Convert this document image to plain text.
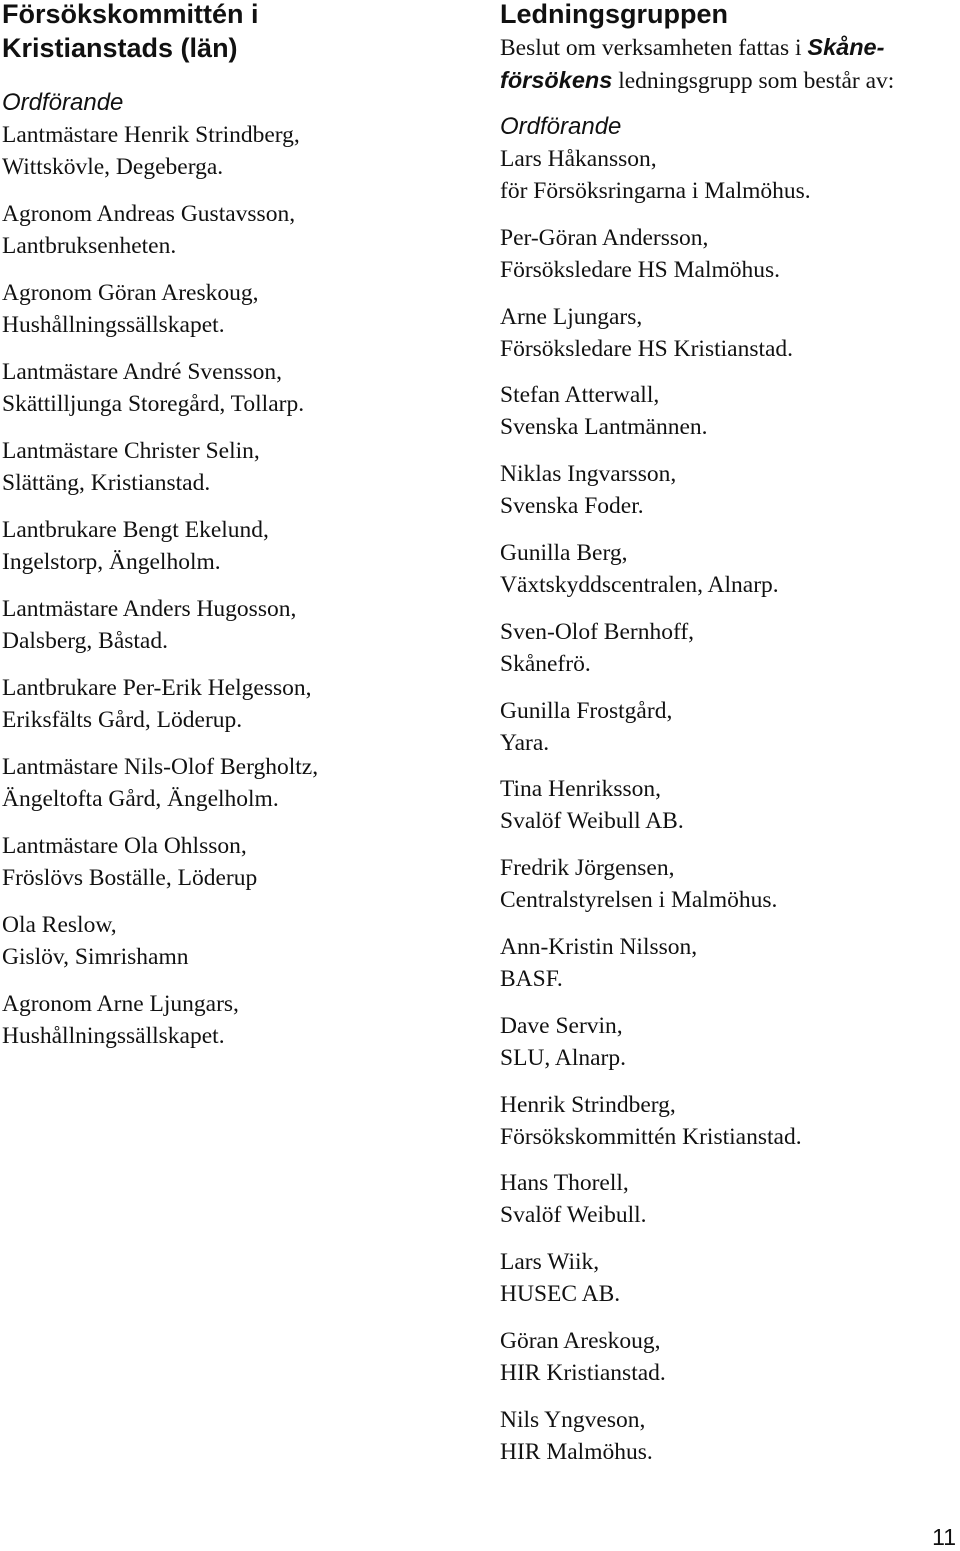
Försökskommittén i
Kristianstads (län)

Ordförande

Lantmästare Henrik Strindberg,
Wittskövle, Degeberga.

Agronom Andreas Gustavsson,
Lantbruksenheten.

Agronom Göran Areskoug,
Hushållningssällskapet.

Lantmästare André Svensson,
Skättilljunga Storegård, Tollarp.

Lantmästare Christer Selin,
Slättäng, Kristianstad.

Lantbrukare Bengt Ekelund,
Ingelstorp, Ängelholm.

Lantmästare Anders Hugosson,
Dalsberg, Båstad.

Lantbrukare Per-Erik Helgesson,
Eriksfälts Gård, Löderup.

Lantmästare Nils-Olof Bergholtz,
Ängeltofta Gård, Ängelholm.

Lantmästare Ola Ohlsson,
Fröslövs Boställe, Löderup

Ola Reslow,
Gislöv, Simrishamn

Agronom Arne Ljungars,
Hushållningssällskapet.

Ledningsgruppen

Beslut om verksamheten fattas i Skåne-
försökens ledningsgrupp som består av:

Ordförande

Lars Håkansson,
för Försöksringarna i Malmöhus.

Per-Göran Andersson,
Försöksledare HS Malmöhus.

Arne Ljungars,
Försöksledare HS Kristianstad.

Stefan Atterwall,
Svenska Lantmännen.

Niklas Ingvarsson,
Svenska Foder.

Gunilla Berg,
Växtskyddscentralen, Alnarp.

Sven-Olof Bernhoff,
Skånefrö.

Gunilla Frostgård,
Yara.

Tina Henriksson,
Svalöf Weibull AB.

Fredrik Jörgensen,
Centralstyrelsen i Malmöhus.

Ann-Kristin Nilsson,
BASF.

Dave Servin,
SLU, Alnarp.

Henrik Strindberg,
Försökskommittén Kristianstad.

Hans Thorell,
Svalöf Weibull.

Lars Wiik,
HUSEC AB.

Göran Areskoug,
HIR Kristianstad.

Nils Yngveson,
HIR Malmöhus.

11
